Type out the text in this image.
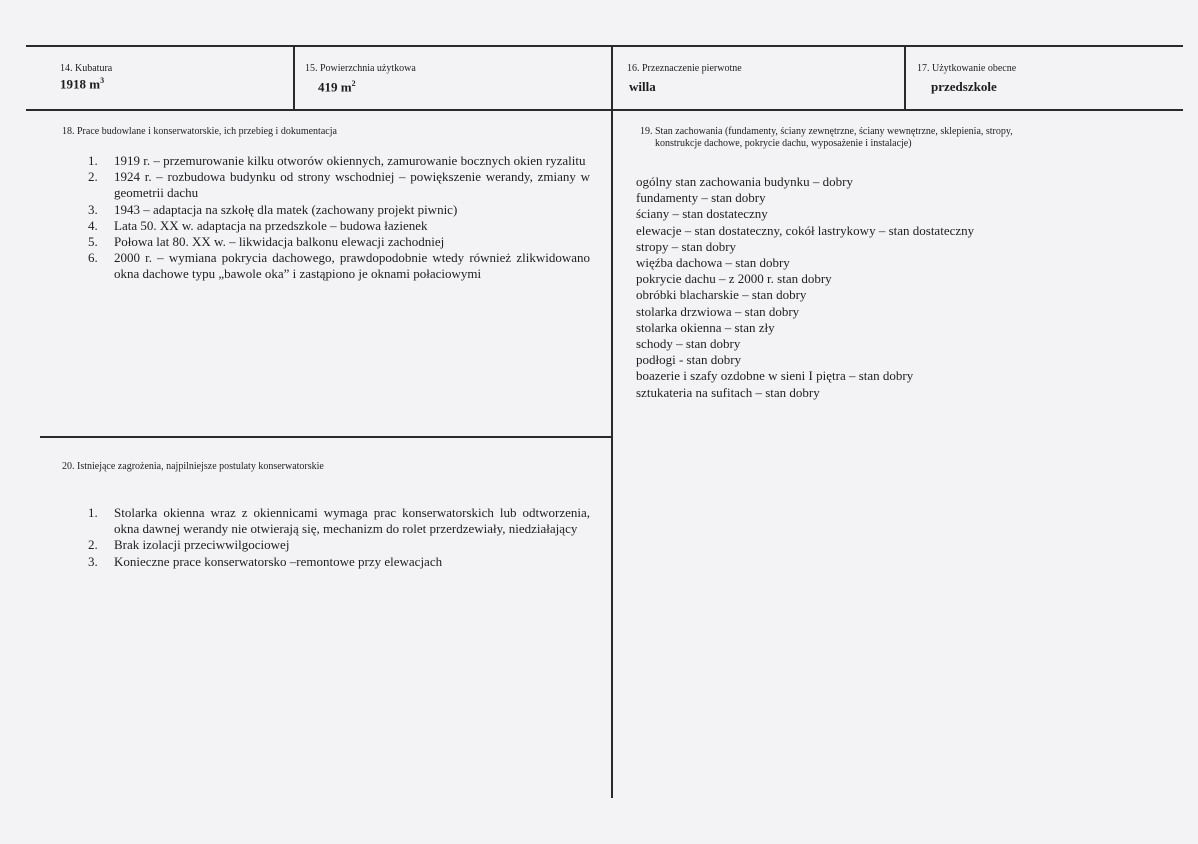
14. Kubatura
1918 $m^3$
15. Powierzchnia użytkowa
419 $m^2$
16. Przeznaczenie pierwotne
willa
17. Użytkowanie obecne
przedszkole
18. Prace budowlane i konserwatorskie, ich przebieg i dokumentacja
1.	1919 r. – przemurowanie kilku otworów okiennych, zamurowanie bocznych okien ryzalitu
2.	1924 r. – rozbudowa budynku od strony wschodniej – powiększenie werandy, zmiany w geometrii dachu
3.	1943 – adaptacja na szkołę dla matek (zachowany projekt piwnic)
4.	Lata 50. XX w. adaptacja na przedszkole – budowa łazienek
5.	Połowa lat 80. XX w. – likwidacja balkonu elewacji zachodniej
6.	2000 r. – wymiana pokrycia dachowego, prawdopodobnie wtedy również zlikwidowano okna dachowe typu „bawole oka” i zastąpiono je oknami połaciowymi
19. Stan zachowania (fundamenty, ściany zewnętrzne, ściany wewnętrzne, sklepienia, stropy,
konstrukcje dachowe, pokrycie dachu, wyposażenie i instalacje)
ogólny stan zachowania budynku – dobry
fundamenty – stan dobry
ściany – stan dostateczny
elewacje – stan dostateczny, cokół lastrykowy – stan dostateczny
stropy – stan dobry
więźba dachowa – stan dobry
pokrycie dachu – z 2000 r. stan dobry
obróbki blacharskie – stan dobry
stolarka drzwiowa – stan dobry
stolarka okienna – stan zły
schody – stan dobry
podłogi - stan dobry
boazerie i szafy ozdobne w sieni I piętra – stan dobry
sztukateria na sufitach – stan dobry
20. Istniejące zagrożenia, najpilniejsze postulaty konserwatorskie
1.	Stolarka okienna wraz z okiennicami wymaga prac konserwatorskich lub odtworzenia, okna dawnej werandy nie otwierają się, mechanizm do rolet przerdzewiały, niedziałający
2.	Brak izolacji przeciwwilgociowej
3.	Konieczne prace konserwatorsko –remontowe przy elewacjach
